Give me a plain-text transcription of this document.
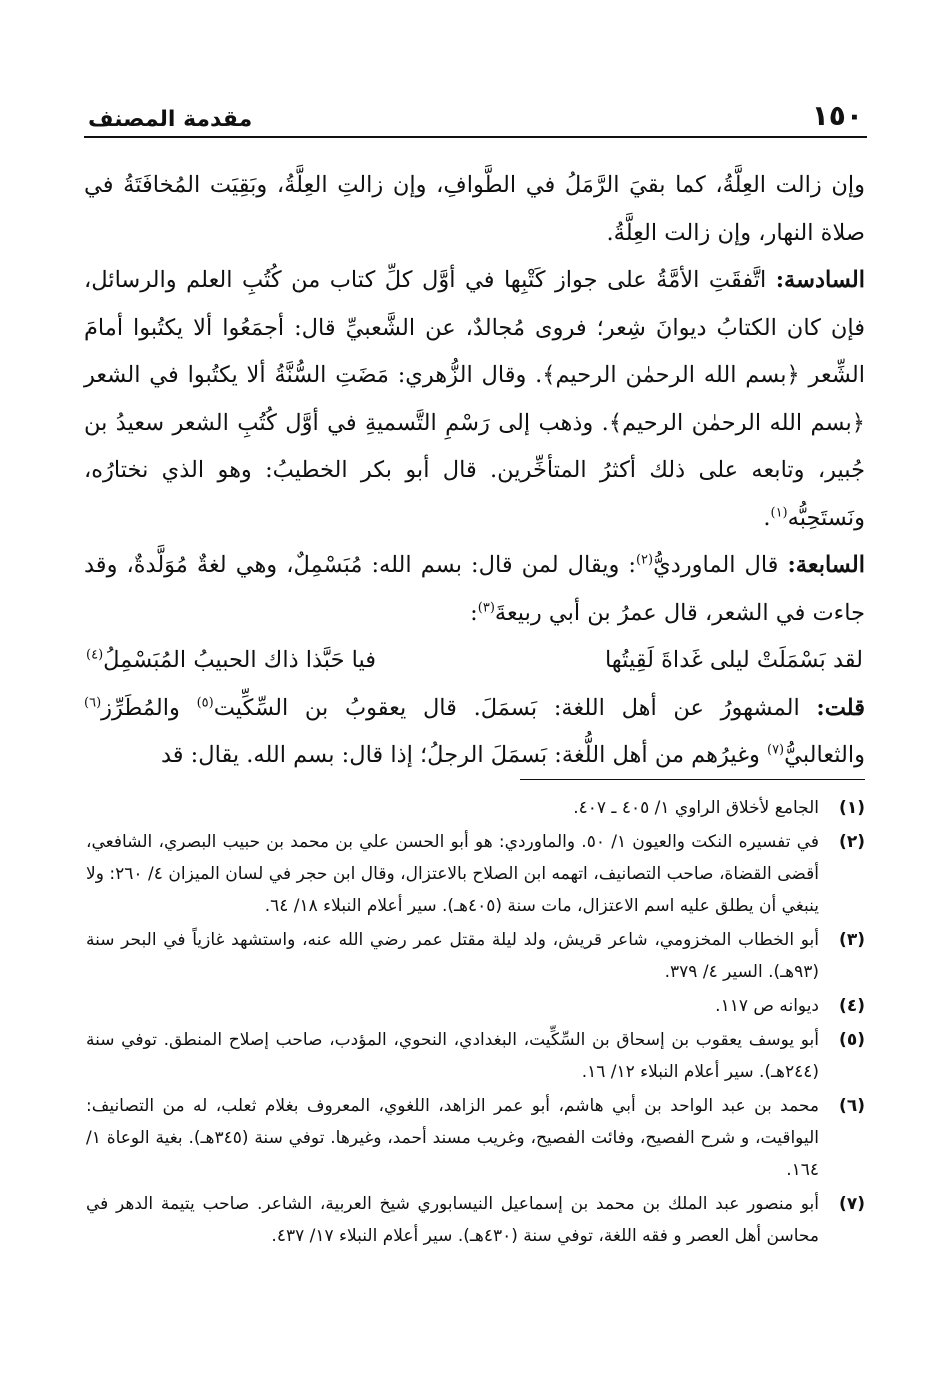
١٥٠
مقدمة المصنف

وإن زالت العِلَّةُ، كما بقيَ الرَّمَلُ في الطَّوافِ، وإن زالتِ العِلَّةُ، وبَقِيَت المُخافَتَةُ في صلاة النهار، وإن زالت العِلَّةُ.

السادسة: اتَّفقَتِ الأمَّةُ على جواز كَتْبِها في أوَّل كلِّ كتاب من كُتُبِ العلم والرسائل، فإن كان الكتابُ ديوانَ شِعر؛ فروى مُجالدٌ، عن الشَّعبيِّ قال: أجمَعُوا ألا يكتُبوا أمامَ الشِّعر ﴿بسم الله الرحمٰن الرحيم﴾. وقال الزُّهري: مَضَتِ السُّنَّةُ ألا يكتُبوا في الشعر ﴿بسم الله الرحمٰن الرحيم﴾. وذهب إلى رَسْمِ التَّسميةِ في أوَّل كُتُبِ الشعر سعيدُ بن جُبير، وتابعه على ذلك أكثرُ المتأخِّرين. قال أبو بكر الخطيبُ: وهو الذي نختارُه، ونَستَحِبُّه$^{(١)}$.

السابعة: قال الماورديُّ$^{(٢)}$: ويقال لمن قال: بسم الله: مُبَسْمِلٌ، وهي لغةٌ مُوَلَّدةٌ، وقد جاءت في الشعر، قال عمرُ بن أبي ربيعةَ$^{(٣)}$:

لقد بَسْمَلَتْ ليلى غَداةَ لَقِيتُها
فيا حَبَّذا ذاك الحبيبُ المُبَسْمِلُ$^{(٤)}$

قلت: المشهورُ عن أهل اللغة: بَسمَلَ. قال يعقوبُ بن السِّكِّيت$^{(٥)}$ والمُطَرِّز$^{(٦)}$ والثعالبيُّ$^{(٧)}$ وغيرُهم من أهل اللُّغة: بَسمَلَ الرجلُ؛ إذا قال: بسم الله. يقال: قد

(١)
الجامع لأخلاق الراوي ١/ ٤٠٥ ـ ٤٠٧.
(٢)
في تفسيره النكت والعيون ١/ ٥٠. والماوردي: هو أبو الحسن علي بن محمد بن حبيب البصري، الشافعي، أقضى القضاة، صاحب التصانيف، اتهمه ابن الصلاح بالاعتزال، وقال ابن حجر في لسان الميزان ٤/ ٢٦٠: ولا ينبغي أن يطلق عليه اسم الاعتزال، مات سنة (٤٠٥هـ). سير أعلام النبلاء ١٨/ ٦٤.
(٣)
أبو الخطاب المخزومي، شاعر قريش، ولد ليلة مقتل عمر رضي الله عنه، واستشهد غازياً في البحر سنة (٩٣هـ). السير ٤/ ٣٧٩.
(٤)
ديوانه ص ١١٧.
(٥)
أبو يوسف يعقوب بن إسحاق بن السِّكِّيت، البغدادي، النحوي، المؤدب، صاحب إصلاح المنطق. توفي سنة (٢٤٤هـ). سير أعلام النبلاء ١٢/ ١٦.
(٦)
محمد بن عبد الواحد بن أبي هاشم، أبو عمر الزاهد، اللغوي، المعروف بغلام ثعلب، له من التصانيف: اليواقيت، و شرح الفصيح، وفائت الفصيح، وغريب مسند أحمد، وغيرها. توفي سنة (٣٤٥هـ). بغية الوعاة ١/ ١٦٤.
(٧)
أبو منصور عبد الملك بن محمد بن إسماعيل النيسابوري شيخ العربية، الشاعر. صاحب يتيمة الدهر في محاسن أهل العصر و فقه اللغة، توفي سنة (٤٣٠هـ). سير أعلام النبلاء ١٧/ ٤٣٧.
